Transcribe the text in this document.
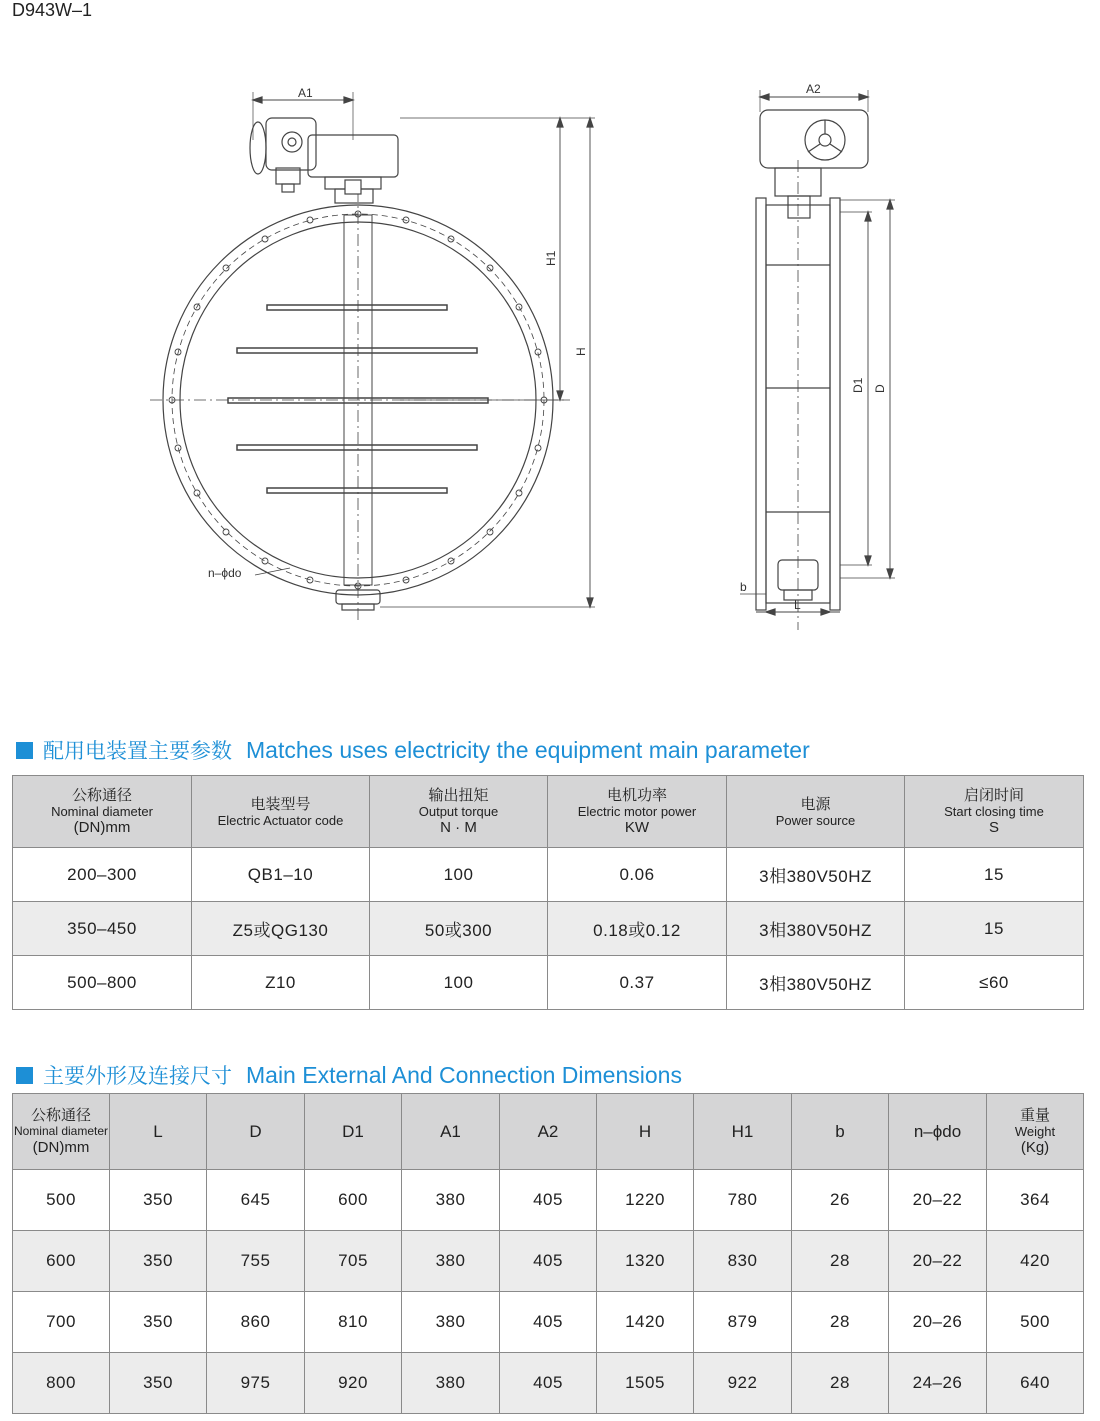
D943W–1
A1	A2
H1
H
D1 D
n–ϕdo
b
L
配用电装置主要参数 Matches uses electricity the equipment main parameter
公称通径
Nominal diameter
(DN)mm	电装型号
Electric Actuator code	输出扭矩
Output torque
N · M	电机功率
Electric motor power
KW	电源
Power source	启闭时间
Start closing time
S

200–300	QB1–10	100	0.06	3相380V50HZ	15
350–450	Z5或QG130	50或300	0.18或0.12	3相380V50HZ	15
500–800	Z10	100	0.37	3相380V50HZ	≤60
主要外形及连接尺寸 Main External And Connection Dimensions
公称通径
Nominal diameter
(DN)mm	L	D	D1	A1	A2	H	H1	b	n–ϕdo	重量
Weight
(Kg)

500	350	645	600	380	405	1220	780	26	20–22	364
600	350	755	705	380	405	1320	830	28	20–22	420
700	350	860	810	380	405	1420	879	28	20–26	500
800	350	975	920	380	405	1505	922	28	24–26	640
